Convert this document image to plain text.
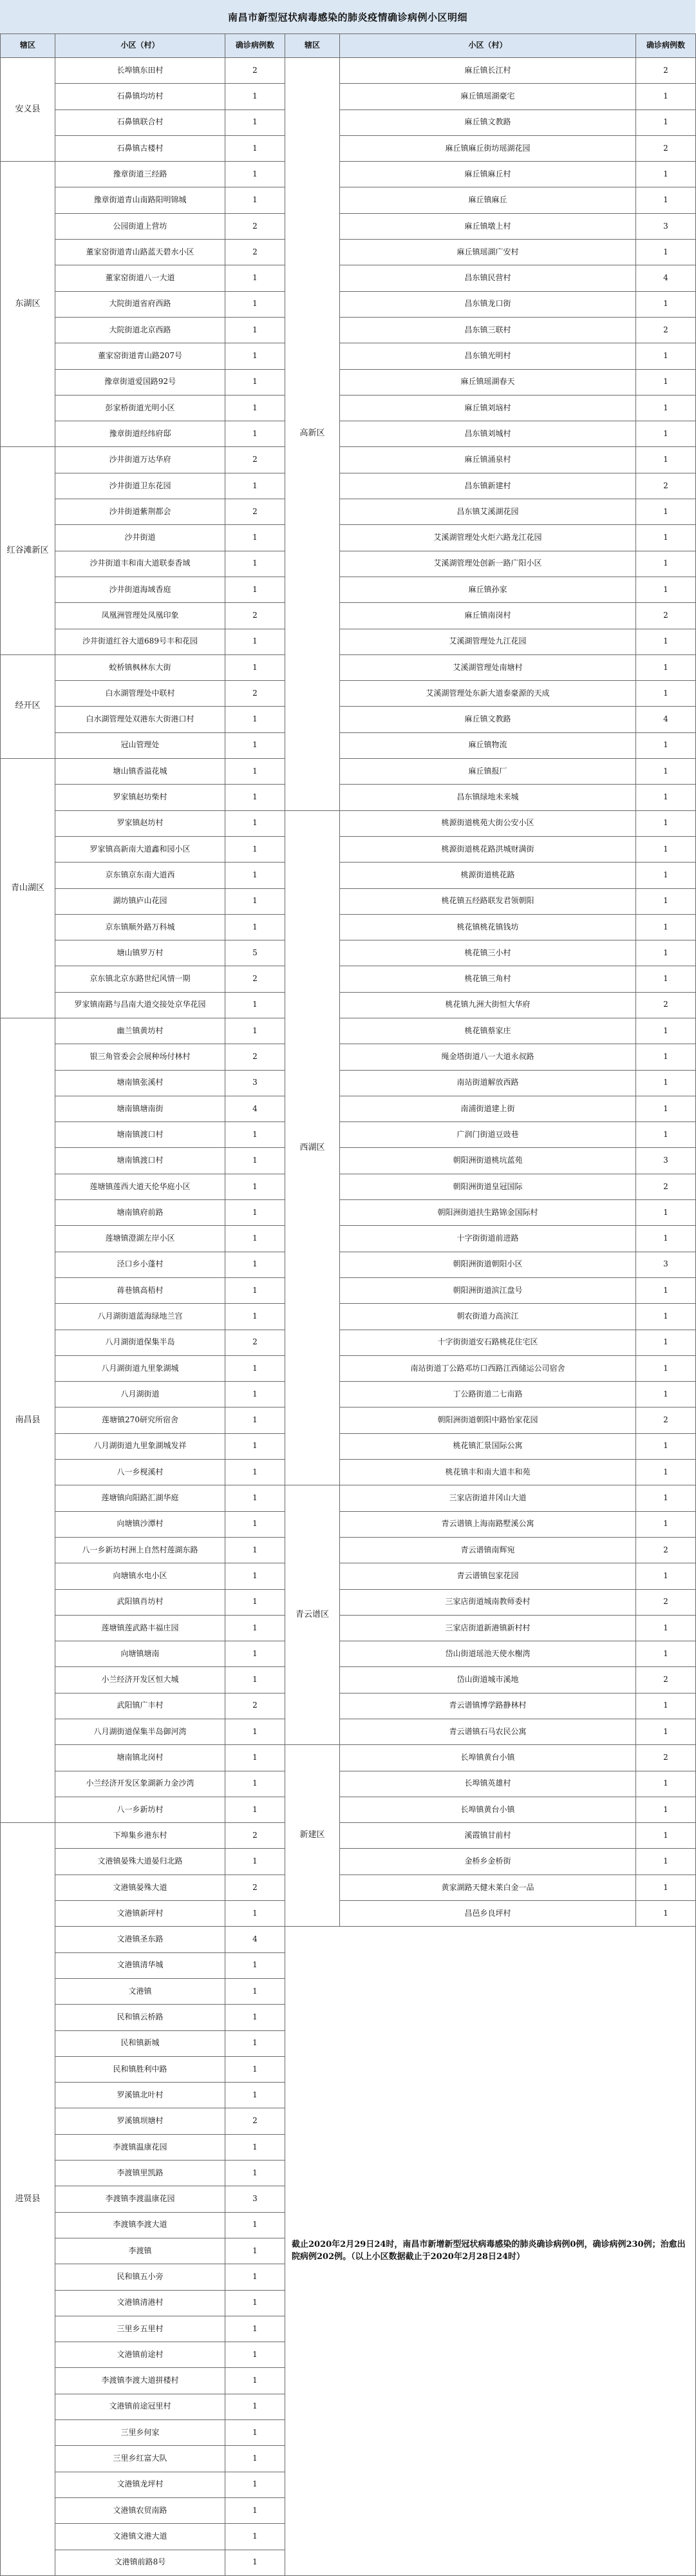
南昌市新型冠状病毒感染的肺炎疫情确诊病例小区明细
辖区	小区（村）	确诊病例数	辖区	小区（村）	确诊病例数
安义县	长埠镇东田村	2	高新区	麻丘镇长江村	2
	石鼻镇均坊村	1		麻丘镇瑶湖豪宅	1
	石鼻镇联合村	1		麻丘镇文教路	1
	石鼻镇古楼村	1		麻丘镇麻丘街坊瑶湖花园	2
东湖区	豫章街道三经路	1		麻丘镇麻丘村	1
	豫章街道青山南路阳明锦城	1		麻丘镇麻丘	1
	公园街道上营坊	2		麻丘镇墩上村	3
	董家窑街道青山路蓝天碧水小区	2		麻丘镇瑶湖广安村	1
	董家窑街道八一大道	1		昌东镇民营村	4
	大院街道省府西路	1		昌东镇龙口街	1
	大院街道北京西路	1		昌东镇三联村	2
	董家窑街道青山路207号	1		昌东镇光明村	1
	豫章街道爱国路92号	1		麻丘镇瑶湖春天	1
	彭家桥街道光明小区	1		麻丘镇刘垴村	1
	豫章街道经纬府邸	1		昌东镇刘城村	1
红谷滩新区	沙井街道万达华府	2		麻丘镇涌泉村	1
	沙井街道卫东花园	1		昌东镇新建村	2
	沙井街道紫荆都会	2		昌东镇艾溪湖花园	1
	沙井街道	1		艾溪湖管理处火炬六路龙江花园	1
	沙井街道丰和南大道联泰香域	1		艾溪湖管理处创新一路广阳小区	1
	沙井街道海域香庭	1		麻丘镇孙家	1
	凤凰洲管理处凤凰印象	2		麻丘镇南岗村	2
	沙井街道红谷大道689号丰和花园	1		艾溪湖管理处九江花园	1
经开区	蛟桥镇枫林东大街	1		艾溪湖管理处南塘村	1
	白水湖管理处中联村	2		艾溪湖管理处东新大道泰豪源的天成	1
	白水湖管理处双港东大街港口村	1		麻丘镇文教路	4
	冠山管理处	1		麻丘镇物流	1
青山湖区	塘山镇香溢花城	1		麻丘镇报厂	1
	罗家镇赵坊柴村	1		昌东镇绿地未来城	1
	罗家镇赵坊村	1	西湖区	桃源街道桃苑大街公安小区	1
	罗家镇高新南大道鑫和园小区	1		桃源街道桃花路洪城财满街	1
	京东镇京东南大道西	1		桃源街道桃花路	1
	湖坊镇庐山花园	1		桃花镇五经路联发君领朝阳	1
	京东镇顺外路万科城	1		桃花镇桃花镇钱坊	1
	塘山镇罗万村	5		桃花镇三小村	1
	京东镇北京东路世纪风情一期	2		桃花镇三角村	1
	罗家镇南路与昌南大道交接处京华花园	1		桃花镇九洲大街恒大华府	2
南昌县	幽兰镇黄坊村	1		桃花镇蔡家庄	1
	银三角管委会会展种场付林村	2		绳金塔街道八一大道永叔路	1
	塘南镇张溪村	3		南站街道解放西路	1
	塘南镇塘南街	4		南浦街道建上街	1
	塘南镇渡口村	1		广润门街道豆豉巷	1
	塘南镇渡口村	1		朝阳洲街道桃坑蓝苑	3
	莲塘镇莲西大道天伦华庭小区	1		朝阳洲街道皇冠国际	2
	塘南镇府前路	1		朝阳洲街道扶生路锦金国际村	1
	莲塘镇澄湖左岸小区	1		十字街街道前进路	1
	泾口乡小蓬村	1		朝阳洲街道朝阳小区	3
	蒋巷镇高梧村	1		朝阳洲街道滨江盘号	1
	八月湖街道蓝海绿地兰宫	1		朝农街道力高滨江	1
	八月湖街道保集半岛	2		十字街街道安石路桃花住宅区	1
	八月湖街道九里象湖城	1		南站街道丁公路邓坊口西路江西储运公司宿舍	1
	八月湖街道	1		丁公路街道二七南路	1
	莲塘镇270研究所宿舍	1		朝阳洲街道朝阳中路怡家花园	2
	八月湖街道九里象湖城发祥	1		桃花镇汇景国际公寓	1
	八一乡枧溪村	1		桃花镇丰和南大道丰和苑	1
	莲塘镇向阳路汇湖华庭	1	青云谱区	三家店街道井冈山大道	1
	向塘镇沙潭村	1		青云谱镇上海南路墅溪公寓	1
	八一乡新坊村洲上自然村莲湖东路	1		青云谱镇南辉宛	2
	向塘镇水电小区	1		青云谱镇包家花园	1
	武阳镇肖坊村	1		三家店街道城南教师委村	2
	莲塘镇莲武路丰福庄园	1		三家店街道新港镇新村村	1
	向塘镇塘南	1		岱山街道瑶池天使水榭湾	1
	小兰经济开发区恒大城	1		岱山街道城市溪地	2
	武阳镇广丰村	2		青云谱镇博学路静林村	1
	八月湖街道保集半岛御河湾	1		青云谱镇石马农民公寓	1
	塘南镇北岗村	1	新建区	长埠镇黄台小镇	2
	小兰经济开发区象湖新力金沙湾	1		长埠镇英雄村	1
	八一乡新坊村	1		长埠镇黄台小镇	1
进贤县	下埠集乡港东村	2		溪霞镇甘前村	1
	文港镇晏殊大道晏归北路	1		金桥乡金桥街	1
	文港镇晏殊大道	2		黄家湖路天健未莱白金一品	1
	文港镇新坪村	1		昌邑乡良坪村	1
	文港镇圣东路	4	截止2020年2月29日24时，南昌市新增新型冠状病毒感染的肺炎确诊病例0例，确诊病例230例；治愈出院病例202例。（以上小区数据截止于2020年2月28日24时）		
	文港镇清华城	1			
	文港镇	1			
	民和镇云桥路	1			
	民和镇新城	1			
	民和镇胜利中路	1			
	罗溪镇北叶村	1			
	罗溪镇坝塘村	2			
	李渡镇温康花园	1			
	李渡镇里凯路	1			
	李渡镇李渡温康花园	3			
	李渡镇李渡大道	1			
	李渡镇	1			
	民和镇五小旁	1			
	文港镇清港村	1			
	三里乡五里村	1			
	文港镇前途村	1			
	李渡镇李渡大道拼楼村	1			
	文港镇前途冠里村	1			
	三里乡何家	1			
	三里乡红富大队	1			
	文港镇龙坪村	1			
	文港镇农贸南路	1			
	文港镇文港大道	1			
	文港镇前路8号	1			
